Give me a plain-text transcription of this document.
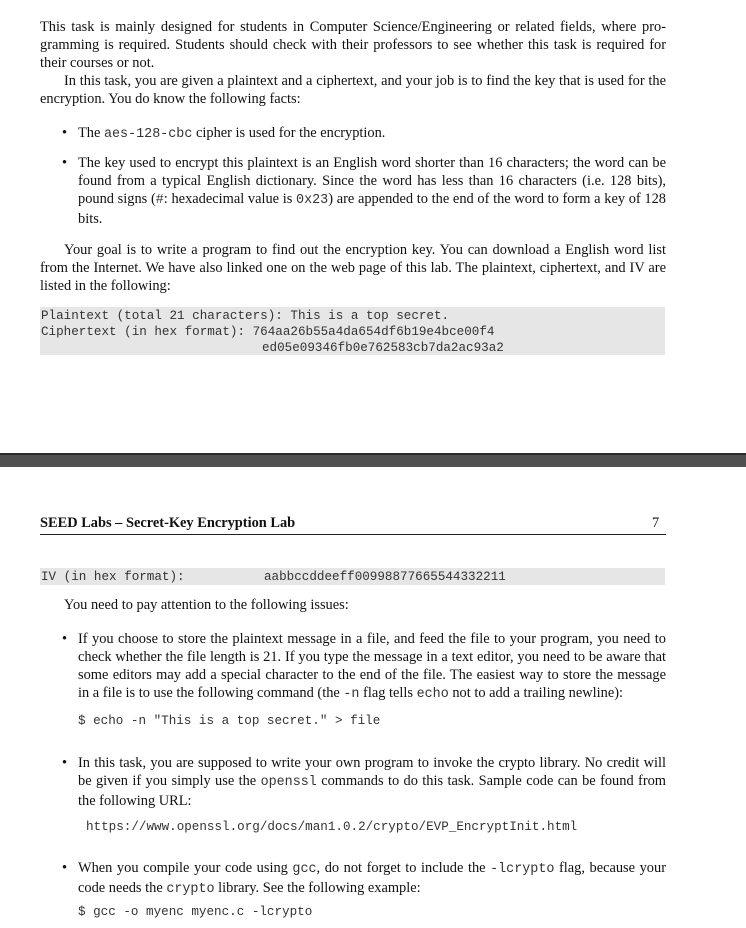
This task is mainly designed for students in Computer Science/Engineering or related fields, where pro-gramming is required. Students should check with their professors to see whether this task is required for their courses or not.

In this task, you are given a plaintext and a ciphertext, and your job is to find the key that is used for the encryption. You do know the following facts:

• The aes-128-cbc cipher is used for the encryption.

• The key used to encrypt this plaintext is an English word shorter than 16 characters; the word can be found from a typical English dictionary. Since the word has less than 16 characters (i.e. 128 bits), pound signs (#: hexadecimal value is 0x23) are appended to the end of the word to form a key of 128 bits.

Your goal is to write a program to find out the encryption key. You can download a English word list from the Internet. We have also linked one on the web page of this lab. The plaintext, ciphertext, and IV are listed in the following:

Plaintext (total 21 characters): This is a top secret.
Ciphertext (in hex format): 764aa26b55a4da654df6b19e4bce00f4
ed05e09346fb0e762583cb7da2ac93a2
SEED Labs – Secret-Key Encryption Lab	7
IV (in hex format):	aabbccddeeff00998877665544332211

You need to pay attention to the following issues:

• If you choose to store the plaintext message in a file, and feed the file to your program, you need to check whether the file length is 21. If you type the message in a text editor, you need to be aware that some editors may add a special character to the end of the file. The easiest way to store the message in a file is to use the following command (the -n flag tells echo not to add a trailing newline):

$ echo -n "This is a top secret." > file
• In this task, you are supposed to write your own program to invoke the crypto library. No credit will be given if you simply use the openssl commands to do this task. Sample code can be found from the following URL:

https://www.openssl.org/docs/man1.0.2/crypto/EVP_EncryptInit.html
• When you compile your code using gcc, do not forget to include the -lcrypto flag, because your code needs the crypto library. See the following example:

$ gcc -o myenc myenc.c -lcrypto
